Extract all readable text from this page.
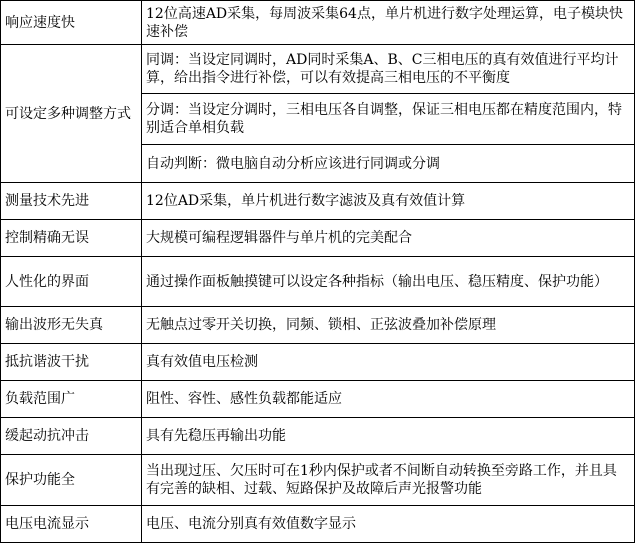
响应速度快	12位高速AD采集，每周波采集64点，单片机进行数字处理运算，电子模块快速补偿
可设定多种调整方式	同调：当设定同调时，AD同时采集A、B、C三相电压的真有效值进行平均计算，给出指令进行补偿，可以有效提高三相电压的不平衡度
	分调：当设定分调时，三相电压各自调整，保证三相电压都在精度范围内，特别适合单相负载
	自动判断：微电脑自动分析应该进行同调或分调
测量技术先进	12位AD采集，单片机进行数字滤波及真有效值计算
控制精确无误	大规模可编程逻辑器件与单片机的完美配合
人性化的界面	通过操作面板触摸键可以设定各种指标（输出电压、稳压精度、保护功能）
输出波形无失真	无触点过零开关切换，同频、锁相、正弦波叠加补偿原理
抵抗谐波干扰	真有效值电压检测
负载范围广	阻性、容性、感性负载都能适应
缓起动抗冲击	具有先稳压再输出功能
保护功能全	当出现过压、欠压时可在1秒内保护或者不间断自动转换至旁路工作，并且具有完善的缺相、过载、短路保护及故障后声光报警功能
电压电流显示	电压、电流分别真有效值数字显示
